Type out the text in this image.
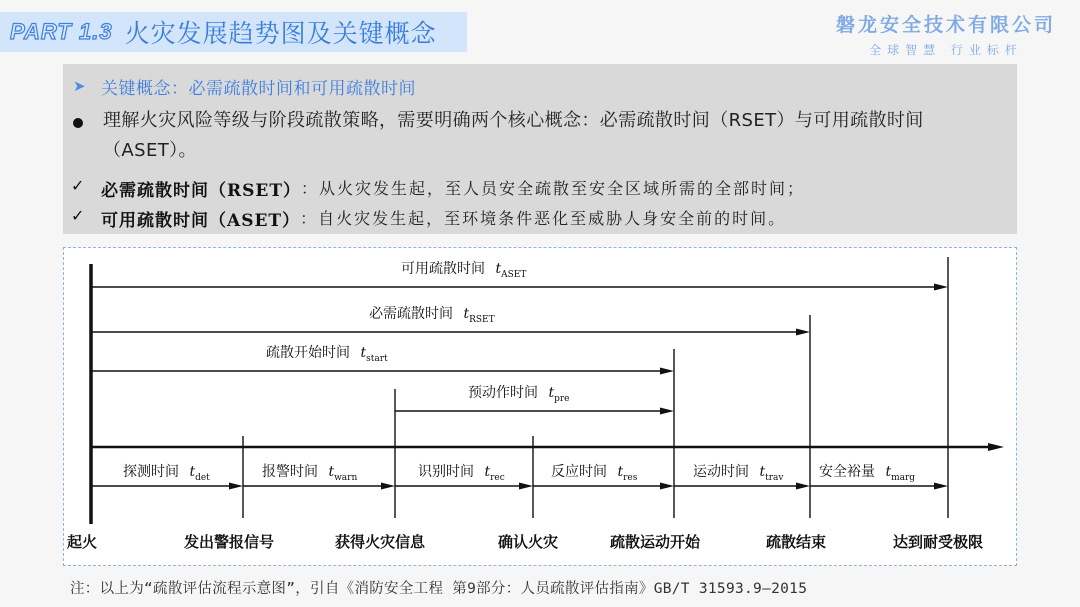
PART 1.3 火灾发展趋势图及关键概念	磐龙安全技术有限公司
全球智慧 行业标杆
➤ 关键概念：必需疏散时间和可用疏散时间
理解火灾风险等级与阶段疏散策略，需要明确两个核心概念：必需疏散时间（RSET）与可用疏散时间（ASET）。
✓ 必需疏散时间（RSET） ：从火灾发生起，至人员安全疏散至安全区域所需的全部时间；
✓ 可用疏散时间（ASET） ：自火灾发生起，至环境条件恶化至威胁人身安全前的时间。
可用疏散时间 $t_{ASET}$
必需疏散时间 $t_{RSET}$
疏散开始时间 $t_{start}$
预动作时间 $t_{pre}$
探测时间 $t_{det}$	报警时间 $t_{warn}$	识别时间 $t_{rec}$	反应时间 $t_{res}$	运动时间 $t_{trav}$	安全裕量 $t_{marg}$
起火	发出警报信号	获得火灾信息	确认火灾	疏散运动开始	疏散结束	达到耐受极限
注：以上为“疏散评估流程示意图”，引自《消防安全工程 第9部分：人员疏散评估指南》GB/T 31593.9—2015
